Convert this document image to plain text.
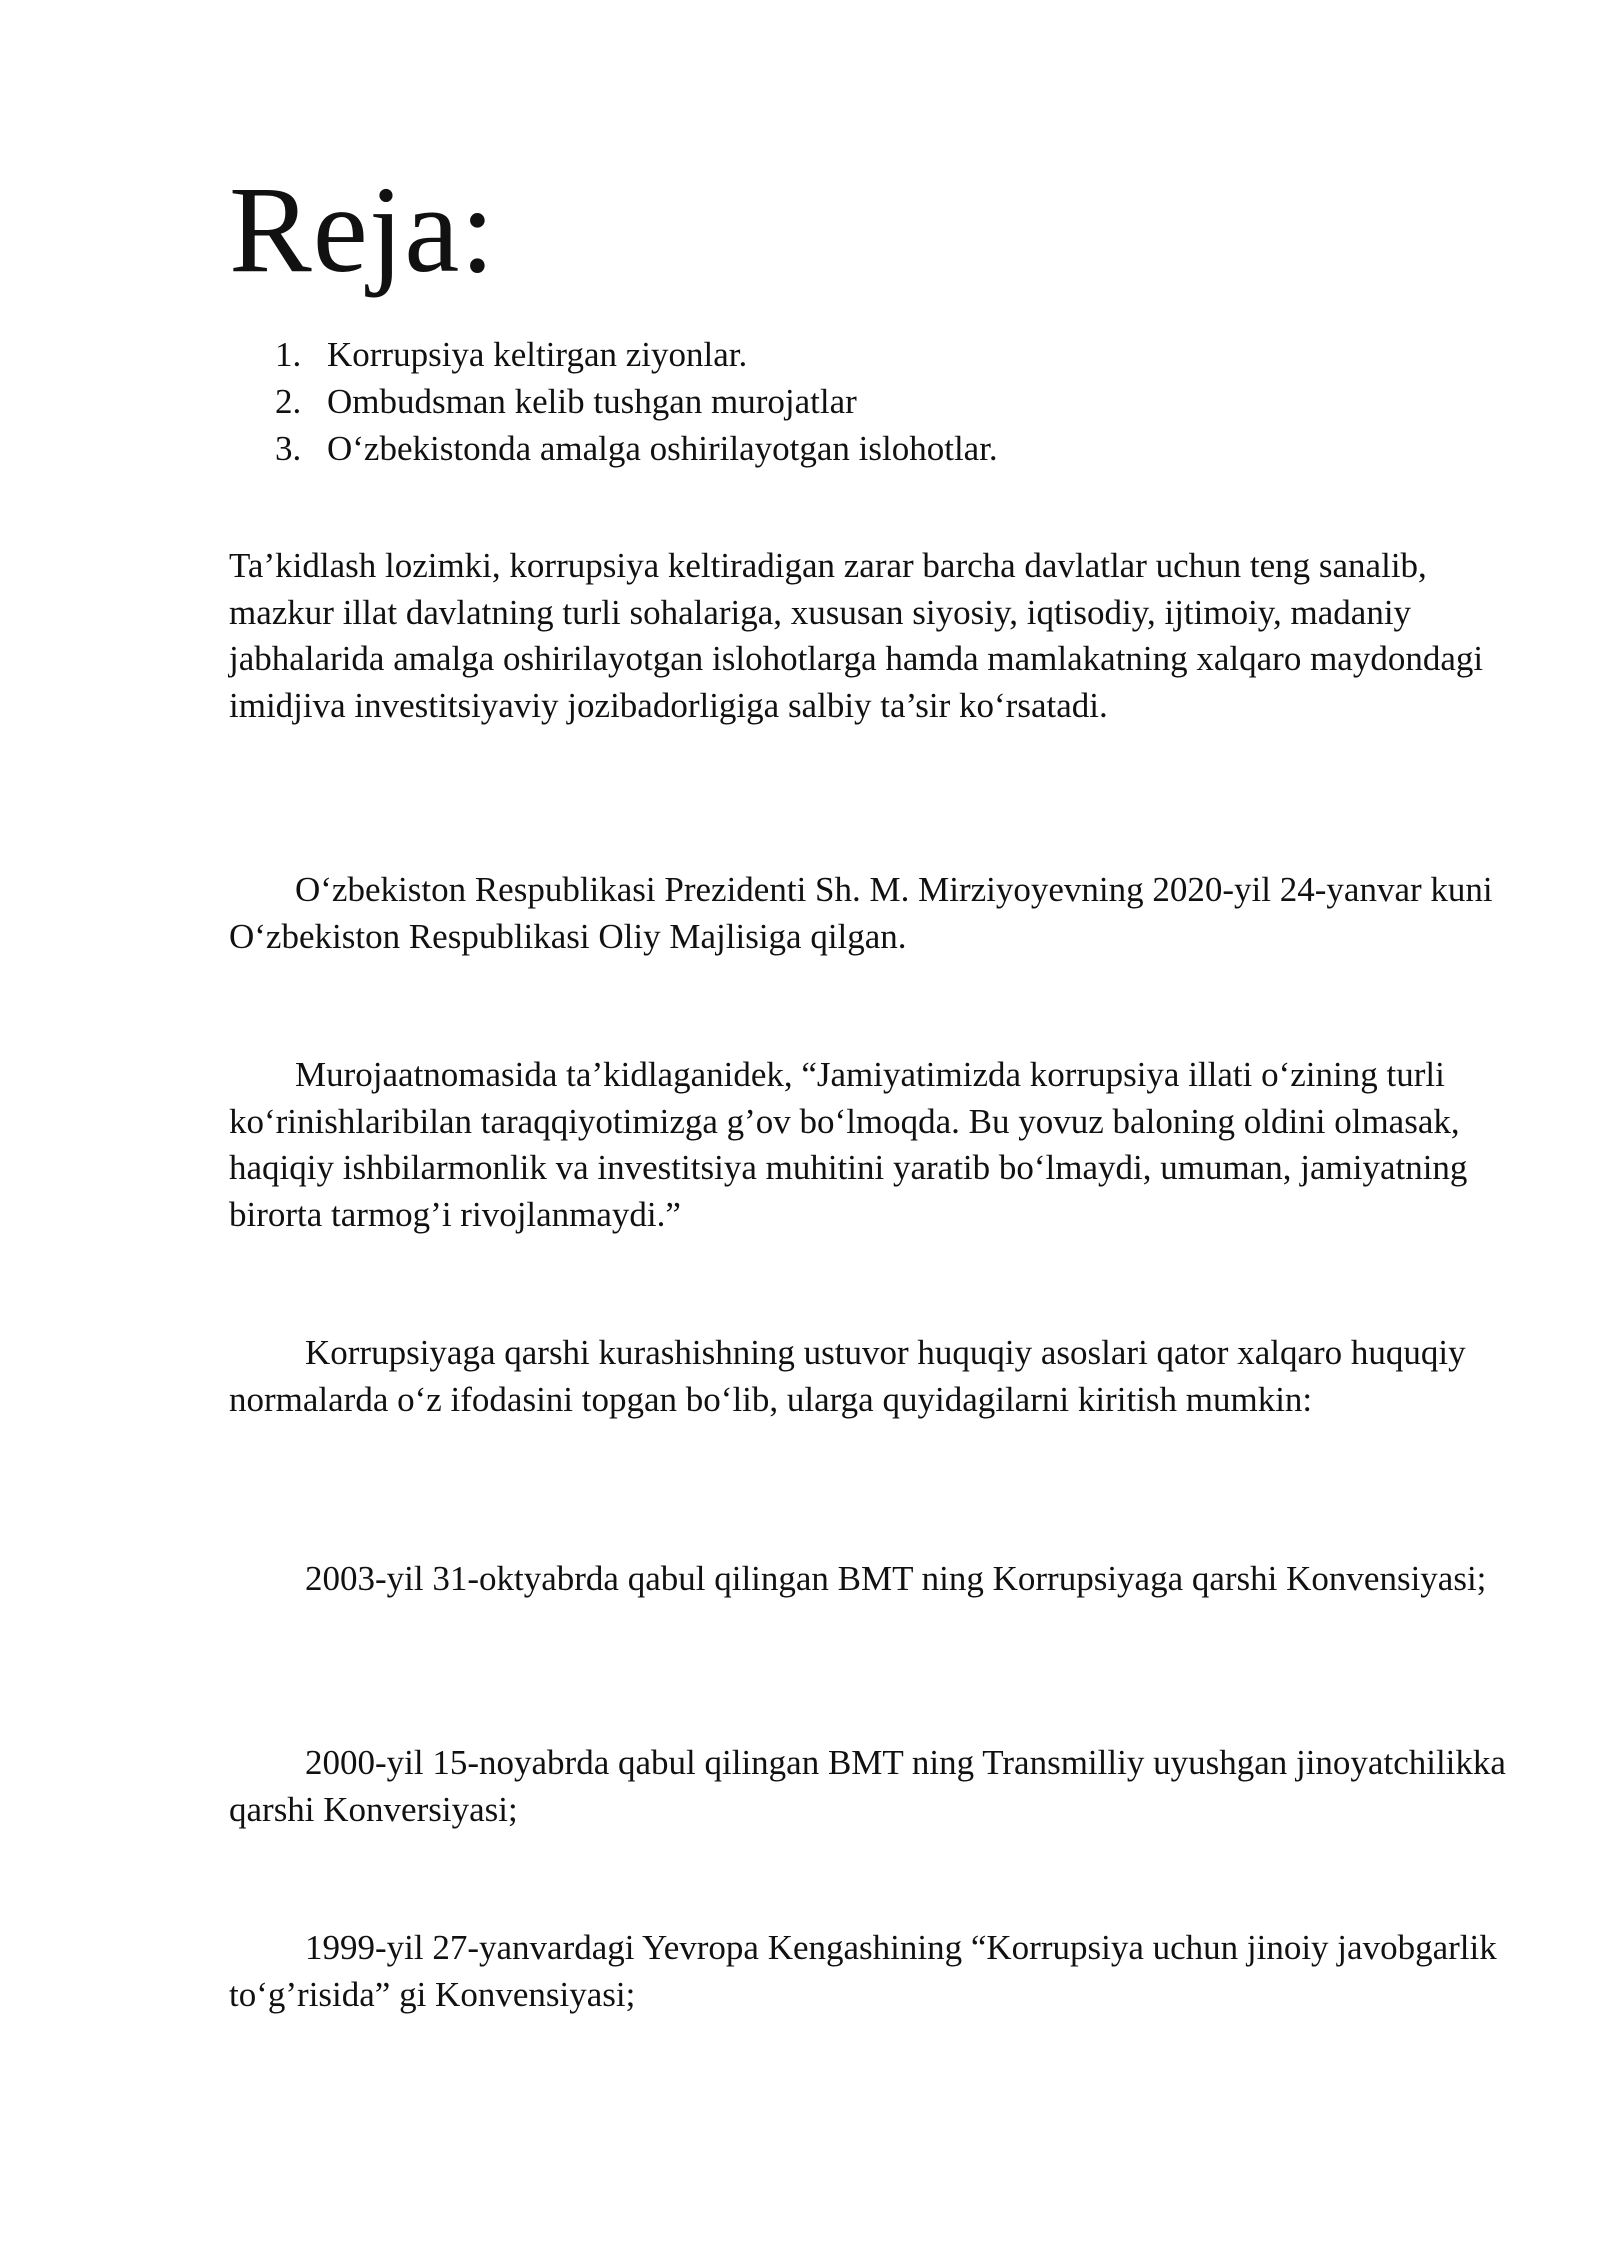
Reja:
1. Korrupsiya keltirgan ziyonlar.
2. Ombudsman kelib tushgan murojatlar
3. O‘zbekistonda amalga oshirilayotgan islohotlar.

Ta’kidlash lozimki, korrupsiya keltiradigan zarar barcha davlatlar uchun teng sanalib, mazkur illat davlatning turli sohalariga, xususan siyosiy, iqtisodiy, ijtimoiy, madaniy jabhalarida amalga oshirilayotgan islohotlarga hamda mamlakatning xalqaro maydondagi imidjiva investitsiyaviy jozibadorligiga salbiy ta’sir ko‘rsatadi.

O‘zbekiston Respublikasi Prezidenti Sh. M. Mirziyoyevning 2020-yil 24-yanvar kuni O‘zbekiston Respublikasi Oliy Majlisiga qilgan.

Murojaatnomasida ta’kidlaganidek, “Jamiyatimizda korrupsiya illati o‘zining turli ko‘rinishlaribilan taraqqiyotimizga g’ov bo‘lmoqda. Bu yovuz baloning oldini olmasak, haqiqiy ishbilarmonlik va investitsiya muhitini yaratib bo‘lmaydi, umuman, jamiyatning birorta tarmog’i rivojlanmaydi.”

Korrupsiyaga qarshi kurashishning ustuvor huquqiy asoslari qator xalqaro huquqiy normalarda o‘z ifodasini topgan bo‘lib, ularga quyidagilarni kiritish mumkin:

2003-yil 31-oktyabrda qabul qilingan BMT ning Korrupsiyaga qarshi Konvensiyasi;

2000-yil 15-noyabrda qabul qilingan BMT ning Transmilliy uyushgan jinoyatchilikka qarshi Konversiyasi;

1999-yil 27-yanvardagi Yevropa Kengashining “Korrupsiya uchun jinoiy javobgarlik to‘g’risida” gi Konvensiyasi;
